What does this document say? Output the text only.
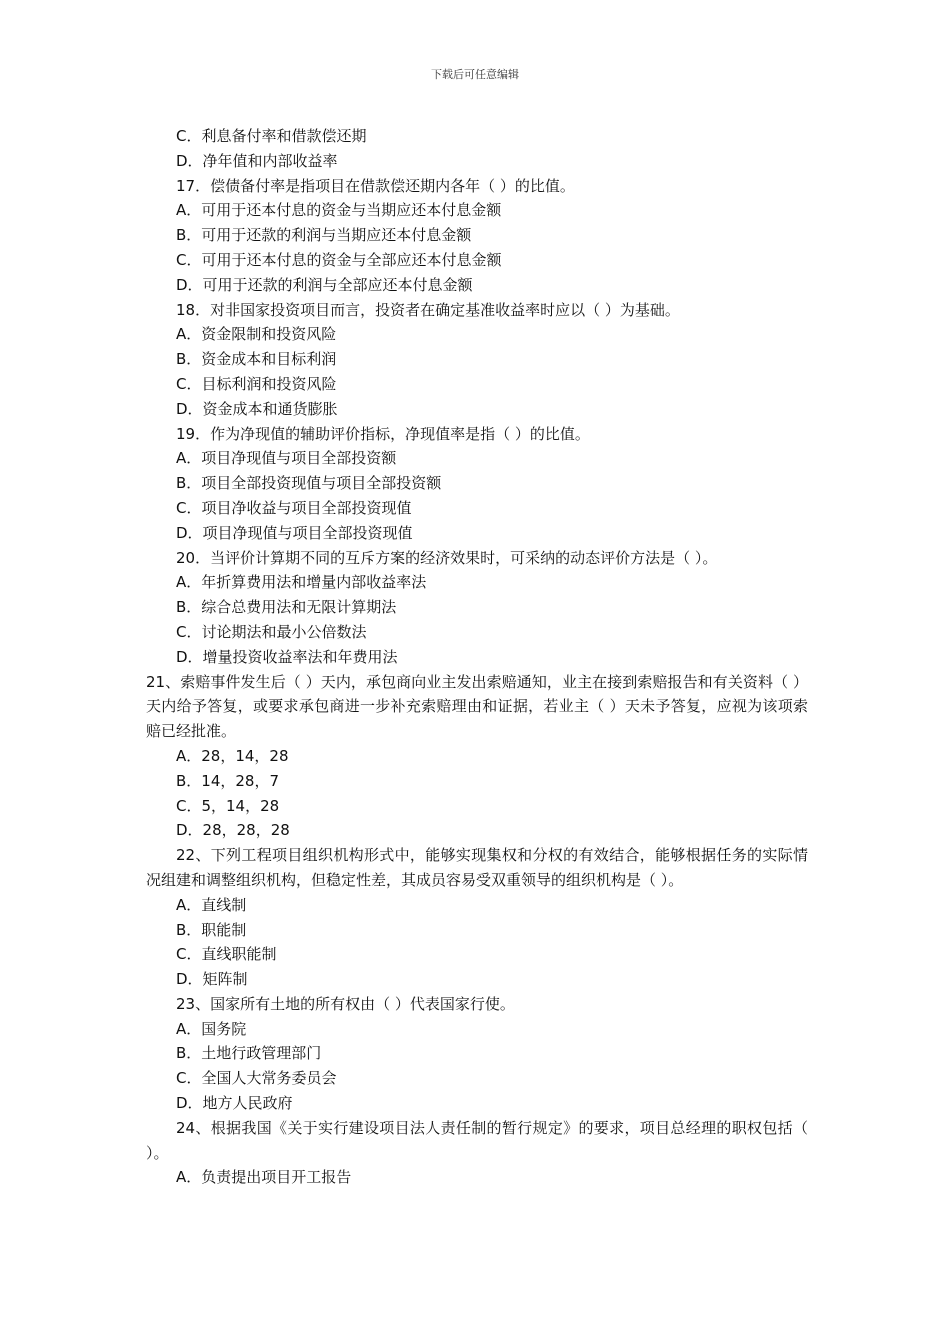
下载后可任意编辑
C．利息备付率和借款偿还期
D．净年值和内部收益率
17．偿债备付率是指项目在借款偿还期内各年（ ）的比值。
A．可用于还本付息的资金与当期应还本付息金额
B．可用于还款的利润与当期应还本付息金额
C．可用于还本付息的资金与全部应还本付息金额
D．可用于还款的利润与全部应还本付息金额
18．对非国家投资项目而言，投资者在确定基准收益率时应以（ ）为基础。
A．资金限制和投资风险
B．资金成本和目标利润
C．目标利润和投资风险
D．资金成本和通货膨胀
19．作为净现值的辅助评价指标，净现值率是指（ ）的比值。
A．项目净现值与项目全部投资额
B．项目全部投资现值与项目全部投资额
C．项目净收益与项目全部投资现值
D．项目净现值与项目全部投资现值
20．当评价计算期不同的互斥方案的经济效果时，可采纳的动态评价方法是（ ）。
A．年折算费用法和增量内部收益率法
B．综合总费用法和无限计算期法
C．讨论期法和最小公倍数法
D．增量投资收益率法和年费用法
21、索赔事件发生后（ ）天内，承包商向业主发出索赔通知，业主在接到索赔报告和有关资料（ ）天内给予答复，或要求承包商进一步补充索赔理由和证据，若业主（ ）天未予答复，应视为该项索赔已经批准。
A．28，14，28
B．14，28，7
C．5，14，28
D．28，28，28
22、下列工程项目组织机构形式中，能够实现集权和分权的有效结合，能够根据任务的实际情况组建和调整组织机构，但稳定性差，其成员容易受双重领导的组织机构是（ ）。
A．直线制
B．职能制
C．直线职能制
D．矩阵制
23、国家所有土地的所有权由（ ）代表国家行使。
A．国务院
B．土地行政管理部门
C．全国人大常务委员会
D．地方人民政府
24、根据我国《关于实行建设项目法人责任制的暂行规定》的要求，项目总经理的职权包括（ ）。
A．负责提出项目开工报告
